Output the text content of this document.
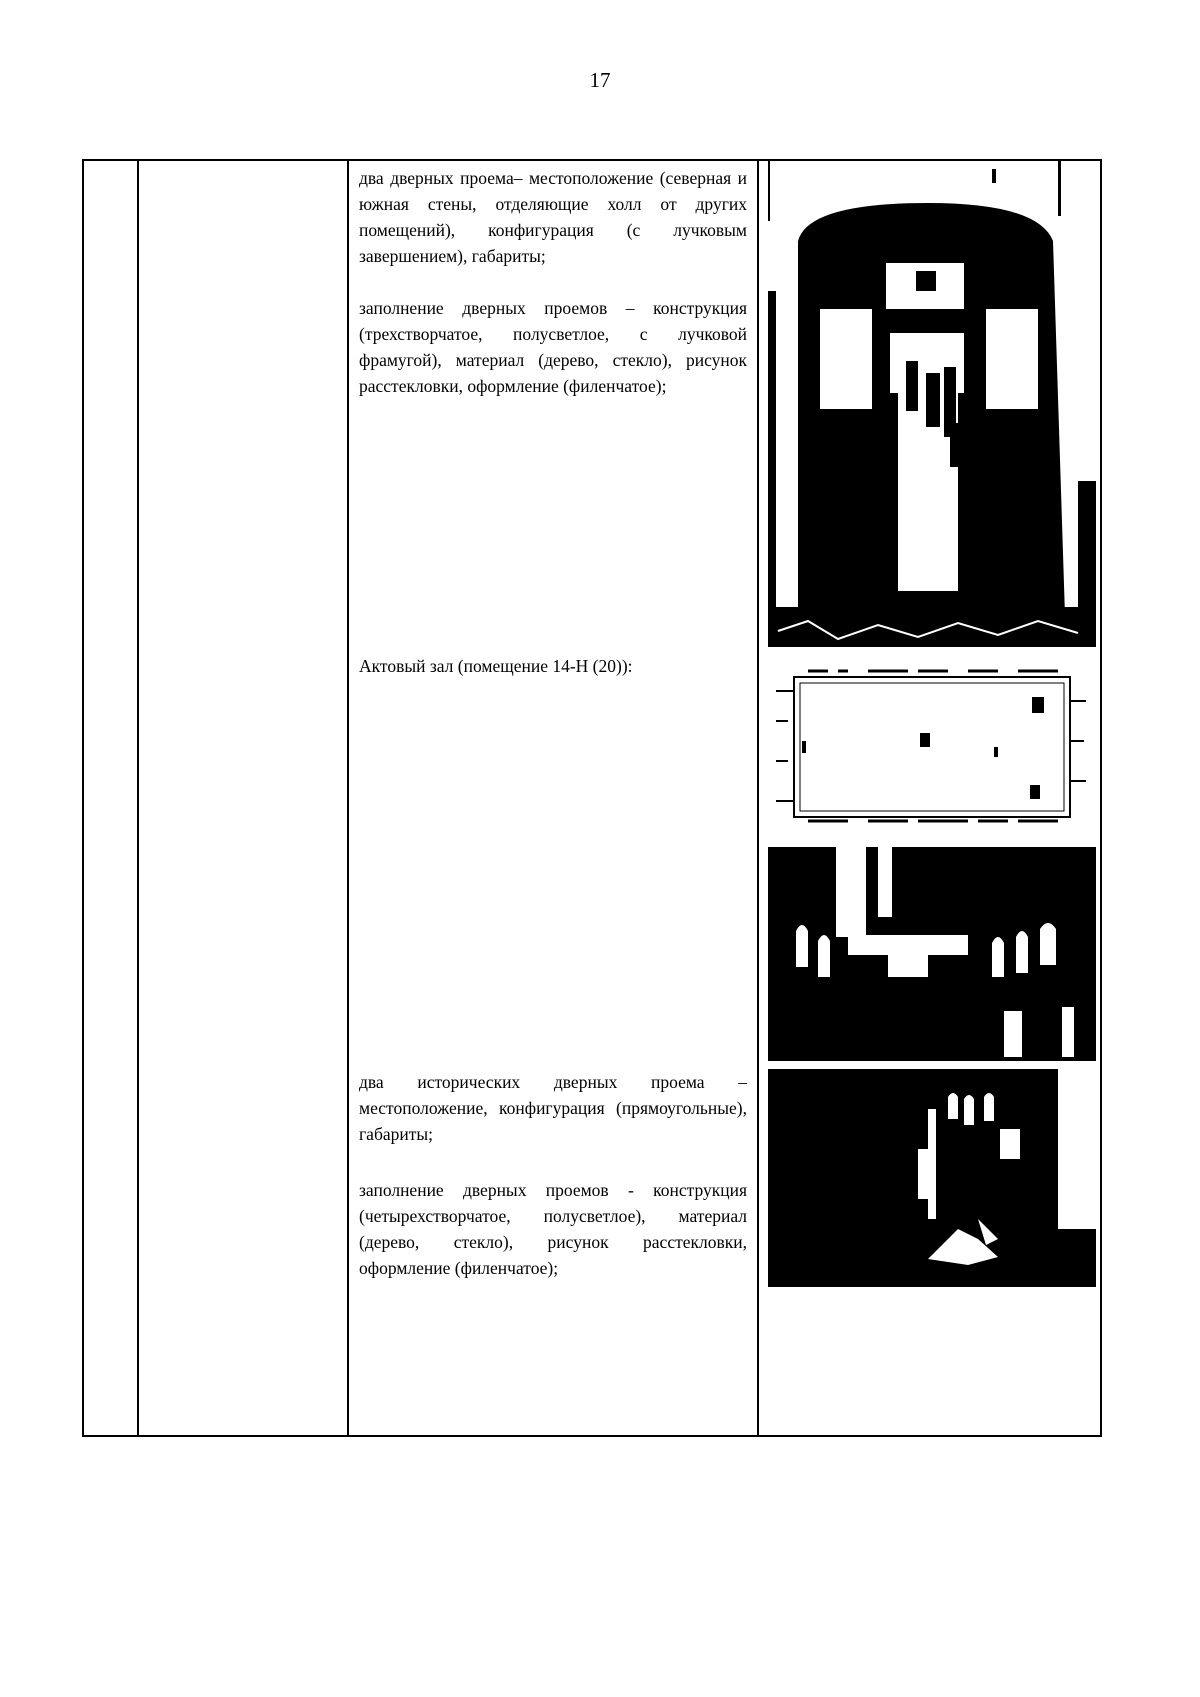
17

два дверных проема– местоположение (северная и южная стены, отделяющие холл от других помещений), конфигурация (с лучковым завершением), габариты;

заполнение дверных проемов – конструкция (трехстворчатое, полусветлое, с лучковой фрамугой), материал (дерево, стекло), рисунок расстекловки, оформление (филенчатое);

Актовый зал (помещение 14-Н (20)):

два исторических дверных проема – местоположение, конфигурация (прямоугольные), габариты;

заполнение дверных проемов - конструкция (четырехстворчатое, полусветлое), материал (дерево, стекло), рисунок расстекловки, оформление (филенчатое);
